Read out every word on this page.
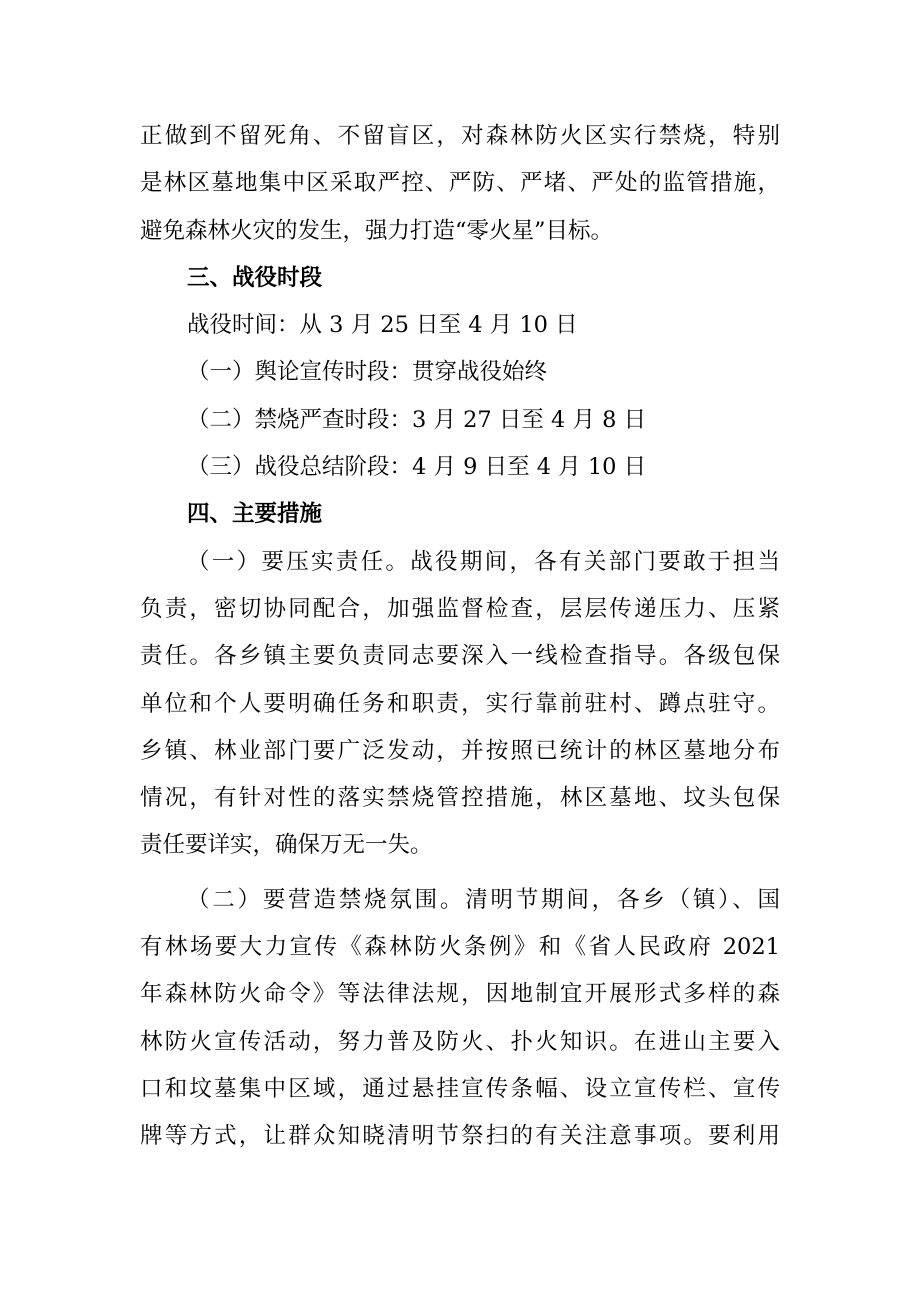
正做到不留死角、不留盲区，对森林防火区实行禁烧，特别
是林区墓地集中区采取严控、严防、严堵、严处的监管措施，
避免森林火灾的发生，强力打造“零火星”目标。
三、战役时段
战役时间：从 3 月 25 日至 4 月 10 日
（一）舆论宣传时段：贯穿战役始终
（二）禁烧严查时段：3 月 27 日至 4 月 8 日
（三）战役总结阶段：4 月 9 日至 4 月 10 日
四、主要措施
（一）要压实责任。战役期间，各有关部门要敢于担当
负责，密切协同配合，加强监督检查，层层传递压力、压紧
责任。各乡镇主要负责同志要深入一线检查指导。各级包保
单位和个人要明确任务和职责，实行靠前驻村、蹲点驻守。
乡镇、林业部门要广泛发动，并按照已统计的林区墓地分布
情况，有针对性的落实禁烧管控措施，林区墓地、坟头包保
责任要详实，确保万无一失。
（二）要营造禁烧氛围。清明节期间，各乡（镇）、国
有林场要大力宣传《森林防火条例》和《省人民政府 2021
年森林防火命令》等法律法规，因地制宜开展形式多样的森
林防火宣传活动，努力普及防火、扑火知识。在进山主要入
口和坟墓集中区域，通过悬挂宣传条幅、设立宣传栏、宣传
牌等方式，让群众知晓清明节祭扫的有关注意事项。要利用
